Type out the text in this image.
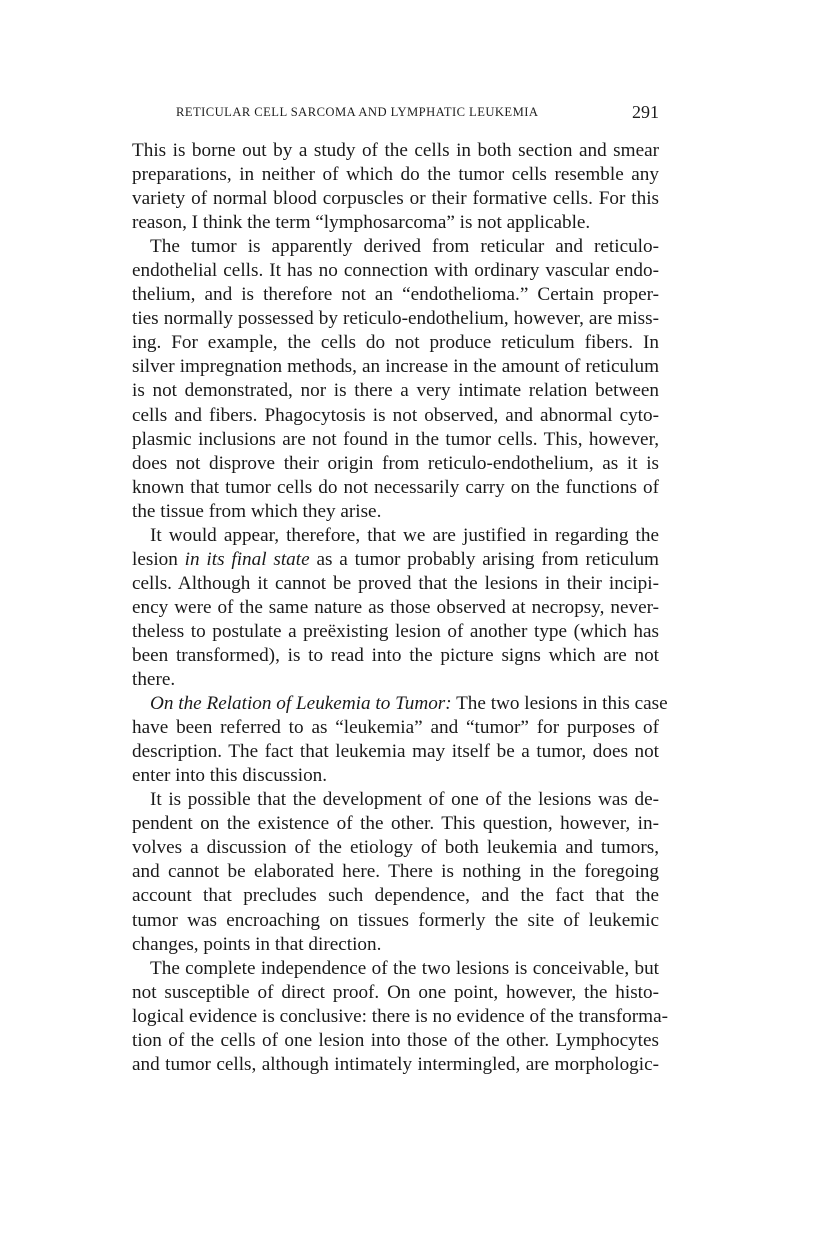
RETICULAR CELL SARCOMA AND LYMPHATIC LEUKEMIA	291
This is borne out by a study of the cells in both section and smear
preparations, in neither of which do the tumor cells resemble any
variety of normal blood corpuscles or their formative cells. For this
reason, I think the term “lymphosarcoma” is not applicable.
The tumor is apparently derived from reticular and reticulo-
endothelial cells. It has no connection with ordinary vascular endo-
thelium, and is therefore not an “endothelioma.” Certain proper-
ties normally possessed by reticulo-endothelium, however, are miss-
ing. For example, the cells do not produce reticulum fibers. In
silver impregnation methods, an increase in the amount of reticulum
is not demonstrated, nor is there a very intimate relation between
cells and fibers. Phagocytosis is not observed, and abnormal cyto-
plasmic inclusions are not found in the tumor cells. This, however,
does not disprove their origin from reticulo-endothelium, as it is
known that tumor cells do not necessarily carry on the functions of
the tissue from which they arise.
It would appear, therefore, that we are justified in regarding the
lesion in its final state as a tumor probably arising from reticulum
cells. Although it cannot be proved that the lesions in their incipi-
ency were of the same nature as those observed at necropsy, never-
theless to postulate a preëxisting lesion of another type (which has
been transformed), is to read into the picture signs which are not
there.
On the Relation of Leukemia to Tumor: The two lesions in this case
have been referred to as “leukemia” and “tumor” for purposes of
description. The fact that leukemia may itself be a tumor, does not
enter into this discussion.
It is possible that the development of one of the lesions was de-
pendent on the existence of the other. This question, however, in-
volves a discussion of the etiology of both leukemia and tumors,
and cannot be elaborated here. There is nothing in the foregoing
account that precludes such dependence, and the fact that the
tumor was encroaching on tissues formerly the site of leukemic
changes, points in that direction.
The complete independence of the two lesions is conceivable, but
not susceptible of direct proof. On one point, however, the histo-
logical evidence is conclusive: there is no evidence of the transforma-
tion of the cells of one lesion into those of the other. Lymphocytes
and tumor cells, although intimately intermingled, are morphologic-
